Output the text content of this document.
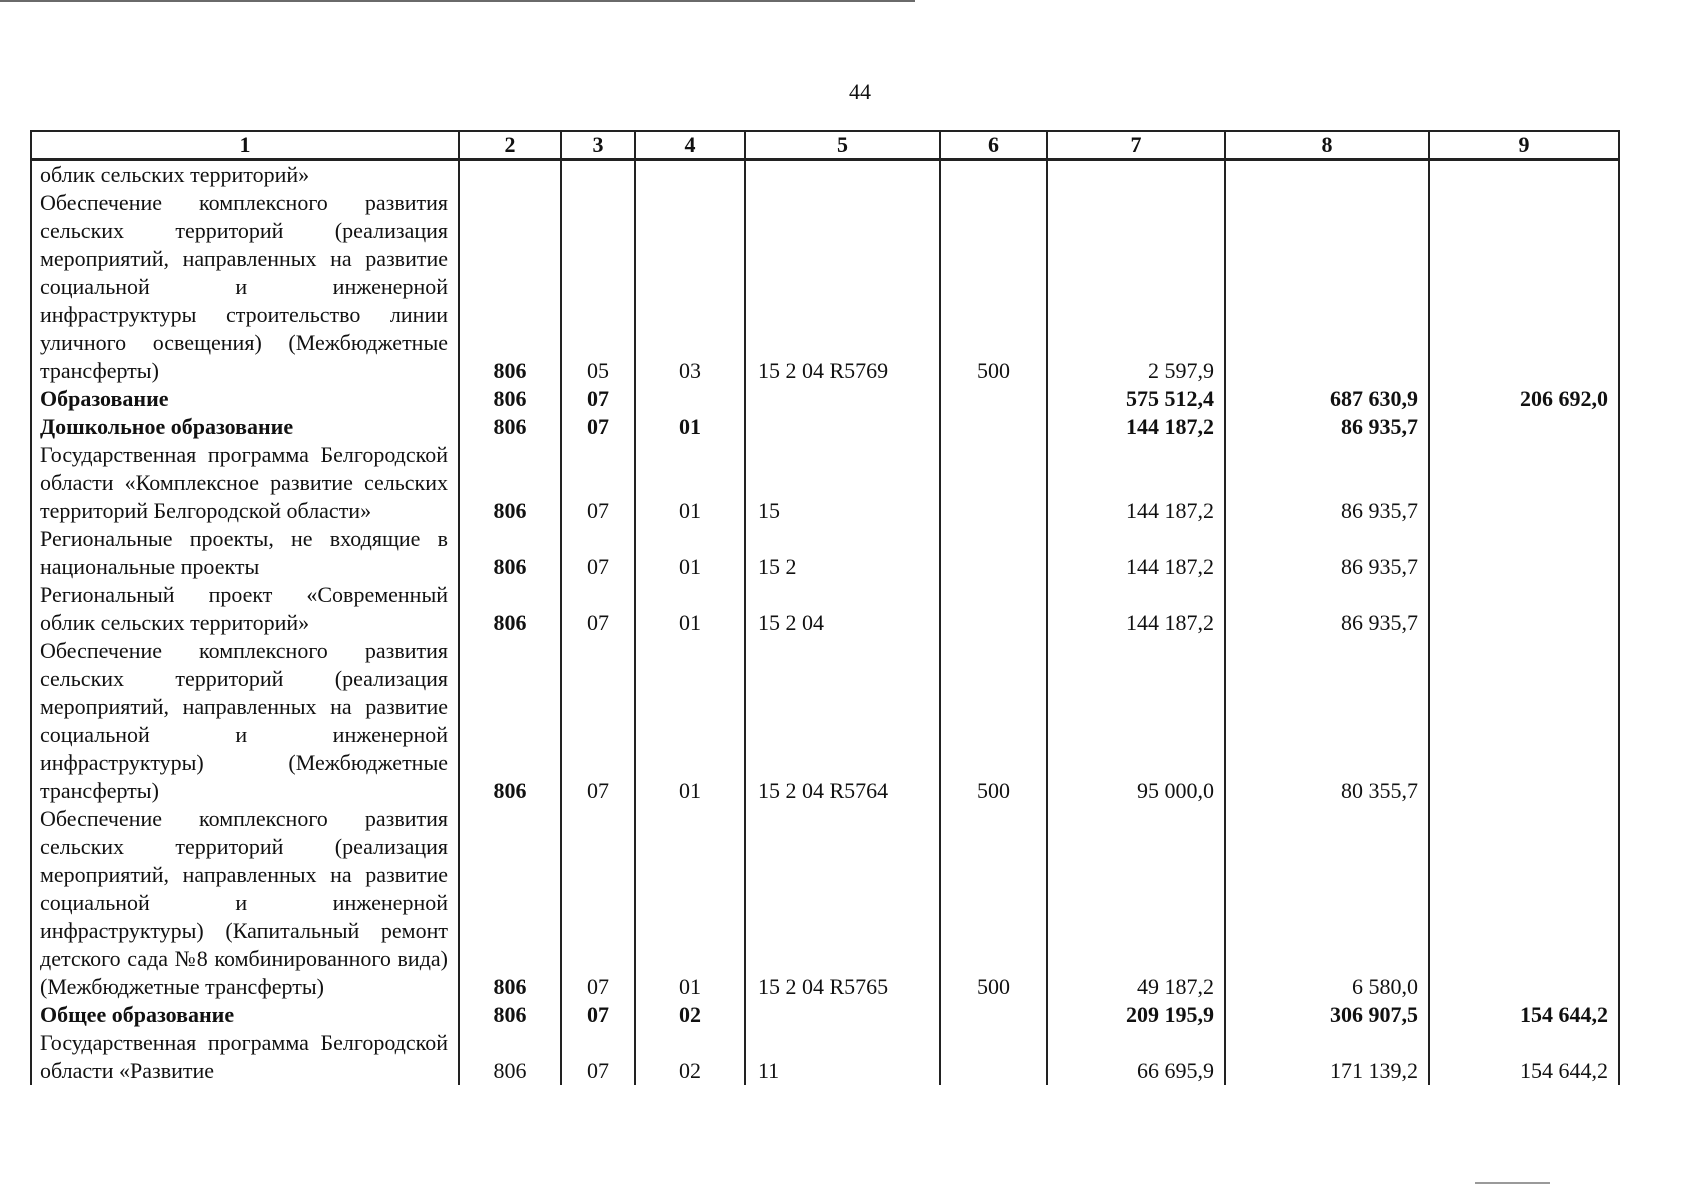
44
1	2	3	4	5	6	7	8	9
облик сельских территорий»								
Обеспечение комплексного развития сельских территорий (реализация мероприятий, направленных на развитие социальной и инженерной инфраструктуры строительство линии уличного освещения) (Межбюджетные трансферты)	806	05	03	15 2 04 R5769	500	2 597,9		
Образование	806	07				575 512,4	687 630,9	206 692,0
Дошкольное образование	806	07	01			144 187,2	86 935,7	
Государственная программа Белгородской области «Комплексное развитие сельских территорий Белгородской области»	806	07	01	15		144 187,2	86 935,7	
Региональные проекты, не входящие в национальные проекты	806	07	01	15 2		144 187,2	86 935,7	
Региональный проект «Современный облик сельских территорий»	806	07	01	15 2 04		144 187,2	86 935,7	
Обеспечение комплексного развития сельских территорий (реализация мероприятий, направленных на развитие социальной и инженерной инфраструктуры) (Межбюджетные трансферты)	806	07	01	15 2 04 R5764	500	95 000,0	80 355,7	
Обеспечение комплексного развития сельских территорий (реализация мероприятий, направленных на развитие социальной и инженерной инфраструктуры) (Капитальный ремонт детского сада №8 комбинированного вида) (Межбюджетные трансферты)	806	07	01	15 2 04 R5765	500	49 187,2	6 580,0	
Общее образование	806	07	02			209 195,9	306 907,5	154 644,2
Государственная программа Белгородской области «Развитие	806	07	02	11		66 695,9	171 139,2	154 644,2
